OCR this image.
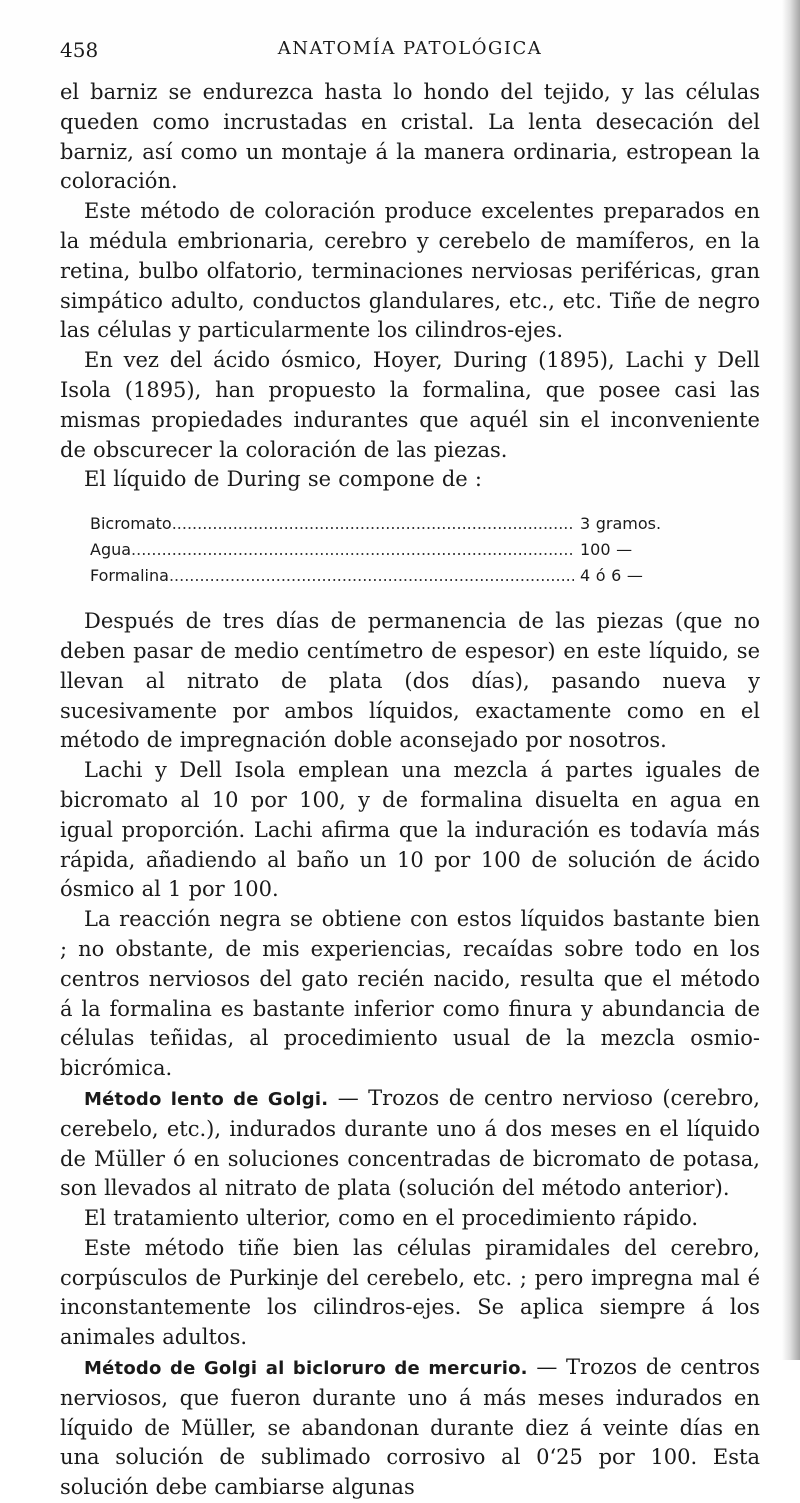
458	ANATOMÍA PATOLÓGICA

el barniz se endurezca hasta lo hondo del tejido, y las células queden como incrustadas en cristal. La lenta desecación del barniz, así como un montaje á la manera ordinaria, estropean la coloración.

Este método de coloración produce excelentes preparados en la médula embrionaria, cerebro y cerebelo de mamíferos, en la retina, bulbo olfatorio, terminaciones nerviosas periféricas, gran simpático adulto, conductos glandulares, etc., etc. Tiñe de negro las células y particularmente los cilindros-ejes.

En vez del ácido ósmico, Hoyer, During (1895), Lachi y Dell Isola (1895), han propuesto la formalina, que posee casi las mismas propiedades indurantes que aquél sin el inconveniente de obscurecer la coloración de las piezas.

El líquido de During se compone de :

Bicromato .....	3 gramos.
Agua .....	100 —
Formalina .....	4 ó 6 —

Después de tres días de permanencia de las piezas (que no deben pasar de medio centímetro de espesor) en este líquido, se llevan al nitrato de plata (dos días), pasando nueva y sucesivamente por ambos líquidos, exactamente como en el método de impregnación doble aconsejado por nosotros.

Lachi y Dell Isola emplean una mezcla á partes iguales de bicromato al 10 por 100, y de formalina disuelta en agua en igual proporción. Lachi afirma que la induración es todavía más rápida, añadiendo al baño un 10 por 100 de solución de ácido ósmico al 1 por 100.

La reacción negra se obtiene con estos líquidos bastante bien ; no obstante, de mis experiencias, recaídas sobre todo en los centros nerviosos del gato recién nacido, resulta que el método á la formalina es bastante inferior como finura y abundancia de células teñidas, al procedimiento usual de la mezcla osmio-bicrómica.

Método lento de Golgi. — Trozos de centro nervioso (cerebro, cerebelo, etc.), indurados durante uno á dos meses en el líquido de Müller ó en soluciones concentradas de bicromato de potasa, son llevados al nitrato de plata (solución del método anterior).

El tratamiento ulterior, como en el procedimiento rápido.

Este método tiñe bien las células piramidales del cerebro, corpúsculos de Purkinje del cerebelo, etc. ; pero impregna mal é inconstantemente los cilindros-ejes. Se aplica siempre á los animales adultos.

Método de Golgi al bicloruro de mercurio. — Trozos de centros nerviosos, que fueron durante uno á más meses indurados en líquido de Müller, se abandonan durante diez á veinte días en una solución de sublimado corrosivo al 0‘25 por 100. Esta solución debe cambiarse algunas
